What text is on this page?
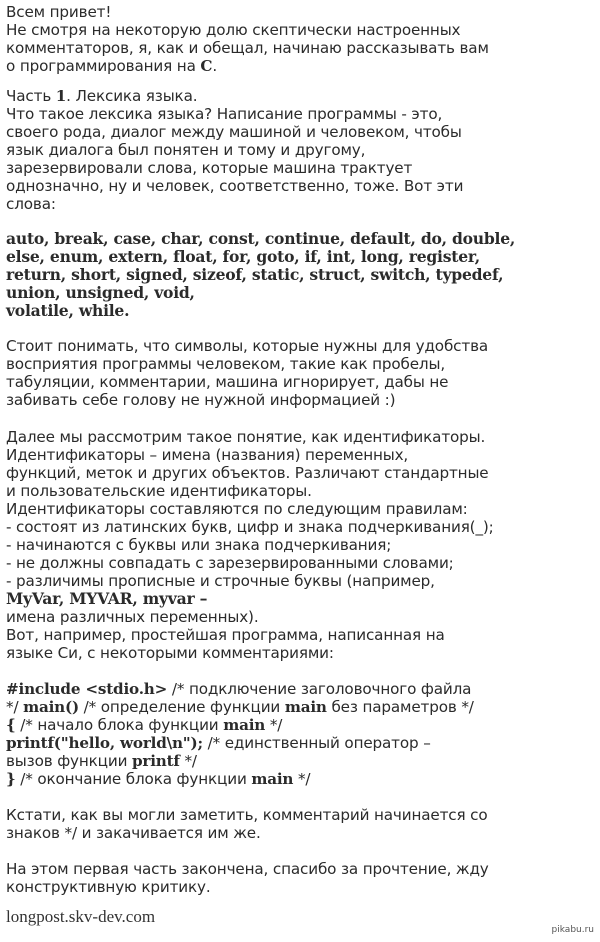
Всем привет!
Не смотря на некоторую долю скептически настроенных
комментаторов, я, как и обещал, начинаю рассказывать вам
о программирования на C.
Часть 1. Лексика языка.
Что такое лексика языка? Написание программы - это,
своего рода, диалог между машиной и человеком, чтобы
язык диалога был понятен и тому и другому,
зарезервировали слова, которые машина трактует
однозначно, ну и человек, соответственно, тоже. Вот эти
слова:
auto, break, case, char, const, continue, default, do, double,
else, enum, extern, float, for, goto, if, int, long, register,
return, short, signed, sizeof, static, struct, switch, typedef,
union, unsigned, void,
volatile, while.
Стоит понимать, что символы, которые нужны для удобства
восприятия программы человеком, такие как пробелы,
табуляции, комментарии, машина игнорирует, дабы не
забивать себе голову не нужной информацией :)
Далее мы рассмотрим такое понятие, как идентификаторы.
Идентификаторы – имена (названия) переменных,
функций, меток и других объектов. Различают стандартные
и пользовательские идентификаторы.
Идентификаторы составляются по следующим правилам:
- состоят из латинских букв, цифр и знака подчеркивания(_);
- начинаются с буквы или знака подчеркивания;
- не должны совпадать с зарезервированными словами;
- различимы прописные и строчные буквы (например,
MyVar, MYVAR, myvar –
имена различных переменных).
Вот, например, простейшая программа, написанная на
языке Си, с некоторыми комментариями:
#include <stdio.h> /* подключение заголовочного файла
*/ main() /* определение функции main без параметров */
{ /* начало блока функции main */
printf("hello, world\n"); /* единственный оператор –
вызов функции printf */
} /* окончание блока функции main */
Кстати, как вы могли заметить, комментарий начинается со
знаков */ и закачивается им же.
На этом первая часть закончена, спасибо за прочтение, жду
конструктивную критику.
longpost.skv-dev.com
pikabu.ru
